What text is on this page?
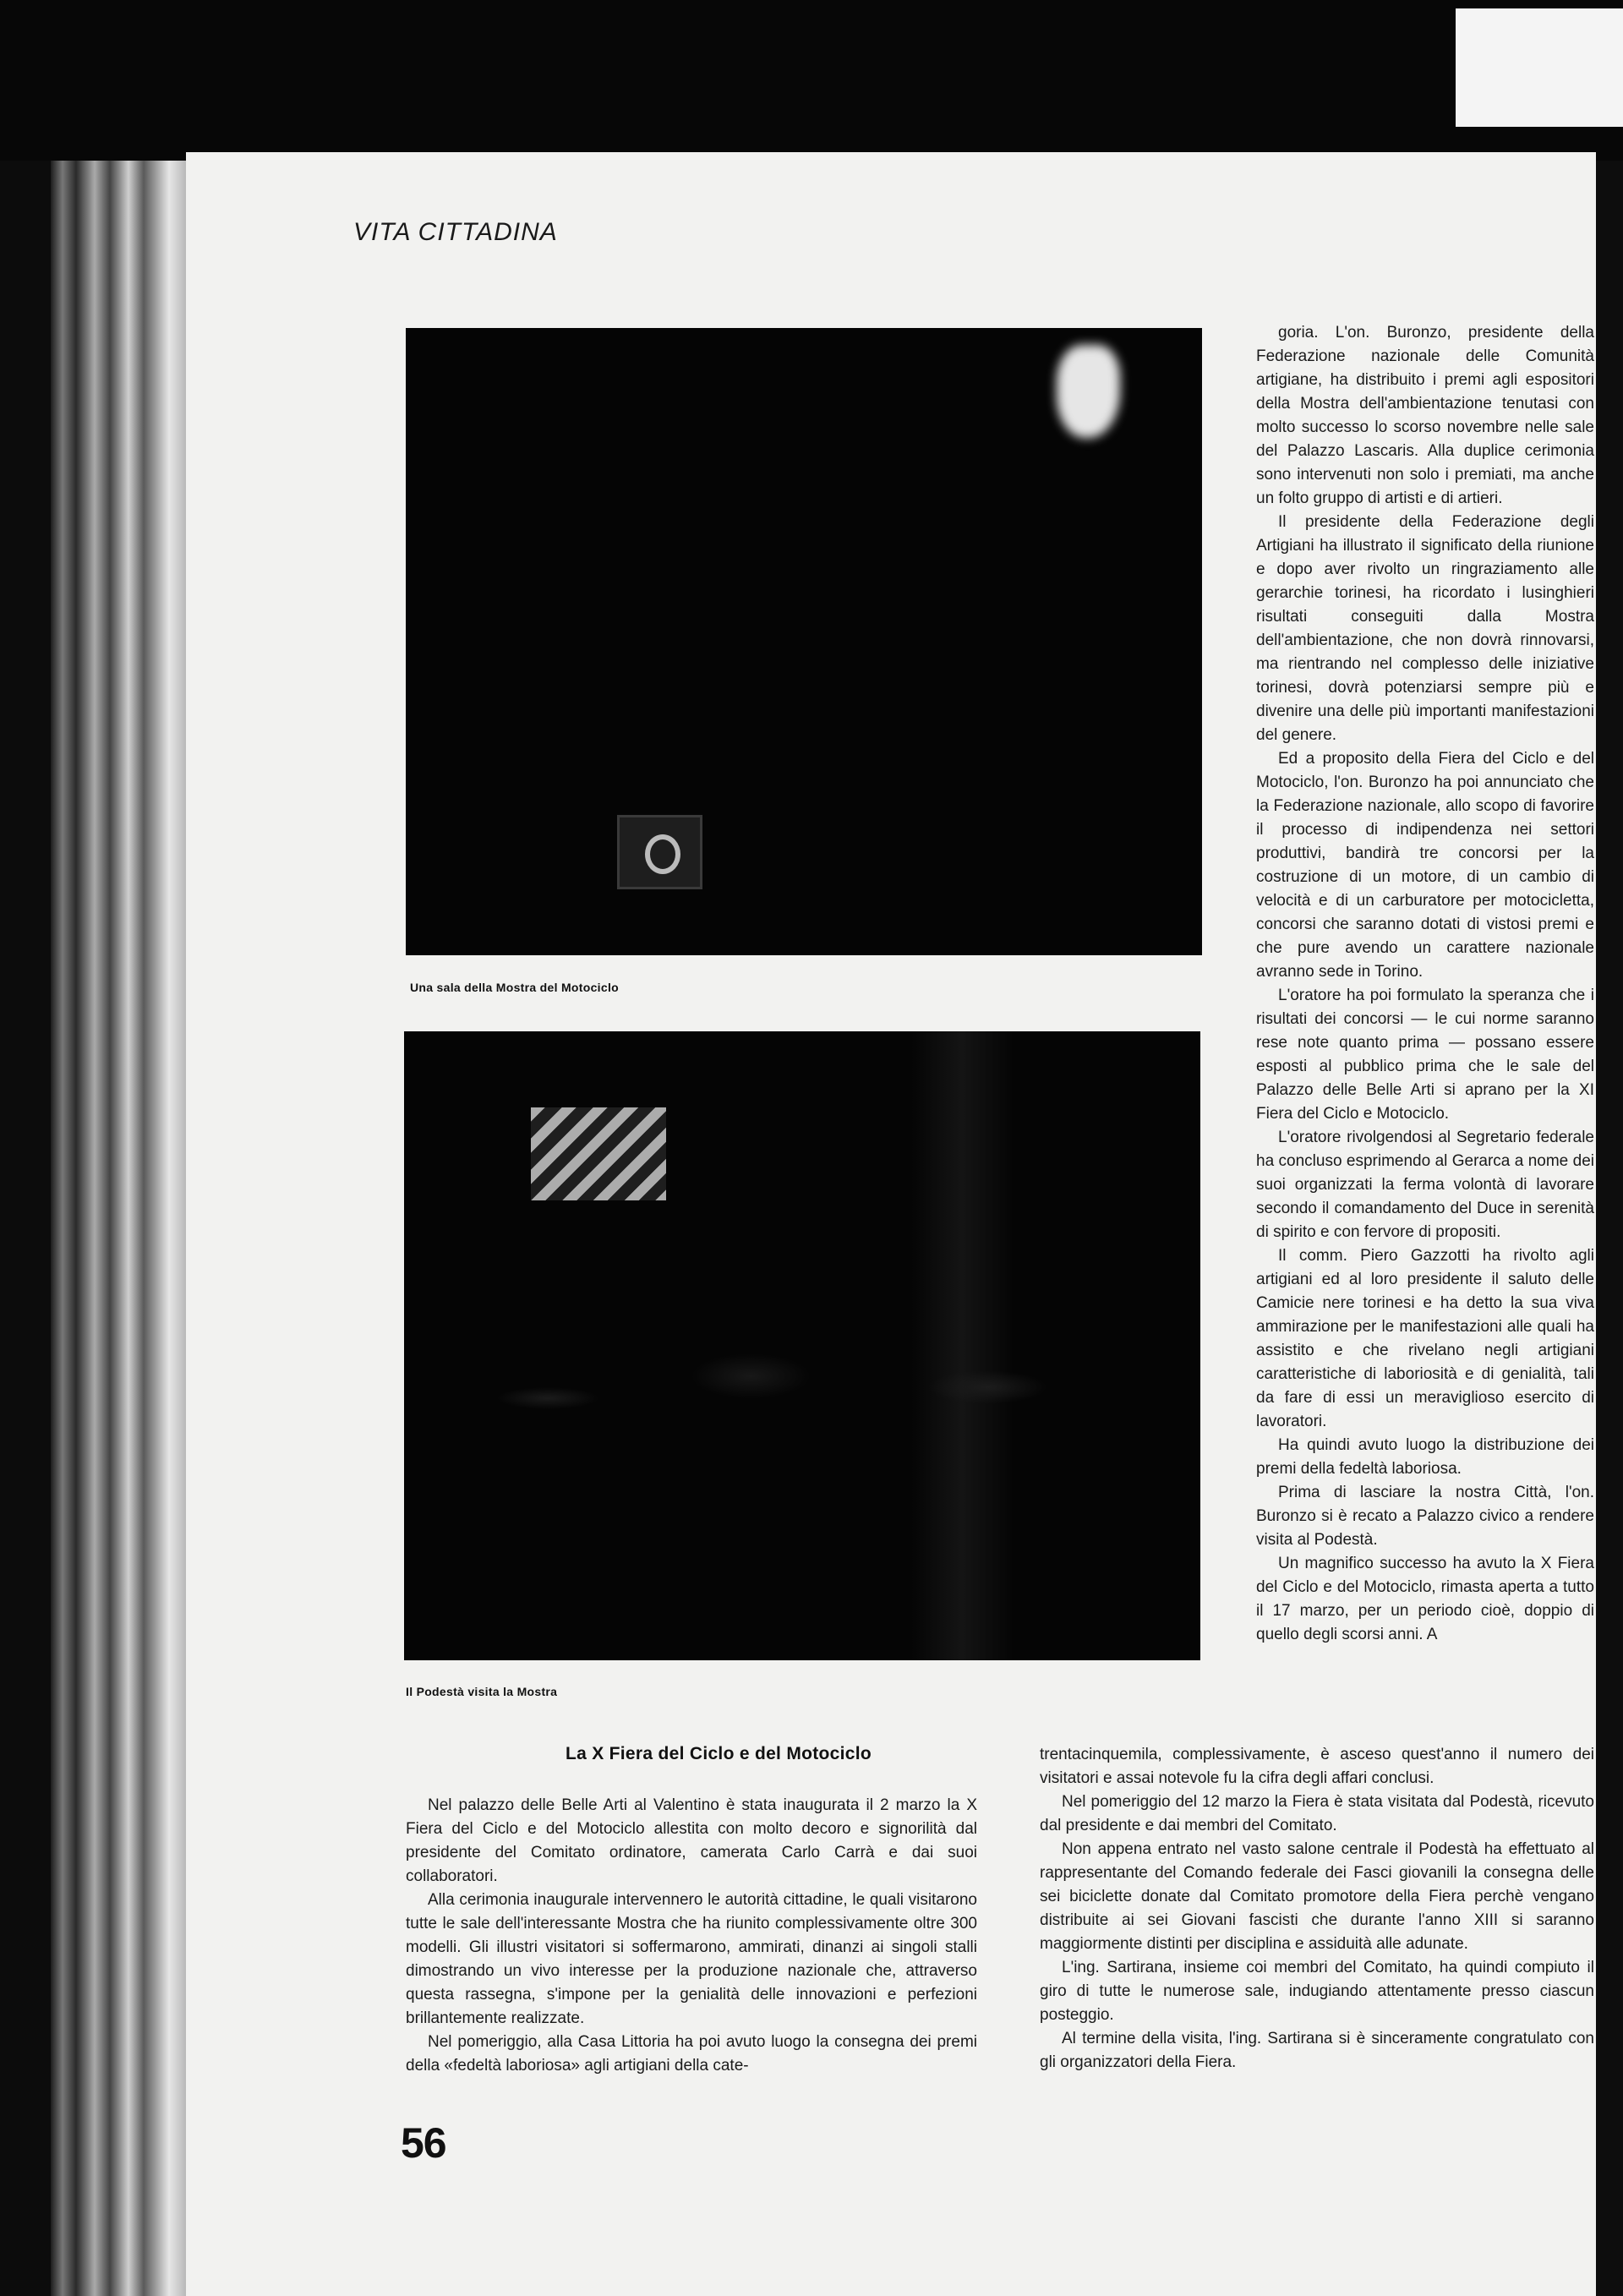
VITA CITTADINA
Una sala della Mostra del Motociclo
Il Podestà visita la Mostra
La X Fiera del Ciclo e del Motociclo

goria. L'on. Buronzo, presidente della Federazione nazionale delle Comunità artigiane, ha distribuito i premi agli espositori della Mostra dell'ambientazione tenutasi con molto successo lo scorso novembre nelle sale del Palazzo Lascaris. Alla duplice cerimonia sono intervenuti non solo i premiati, ma anche un folto gruppo di artisti e di artieri.

Il presidente della Federazione degli Artigiani ha illustrato il significato della riunione e dopo aver rivolto un ringraziamento alle gerarchie torinesi, ha ricordato i lusinghieri risultati conseguiti dalla Mostra dell'ambientazione, che non dovrà rinnovarsi, ma rientrando nel complesso delle iniziative torinesi, dovrà potenziarsi sempre più e divenire una delle più importanti manifestazioni del genere.

Ed a proposito della Fiera del Ciclo e del Motociclo, l'on. Buronzo ha poi annunciato che la Federazione nazionale, allo scopo di favorire il processo di indipendenza nei settori produttivi, bandirà tre concorsi per la costruzione di un motore, di un cambio di velocità e di un carburatore per motocicletta, concorsi che saranno dotati di vistosi premi e che pure avendo un carattere nazionale avranno sede in Torino.

L'oratore ha poi formulato la speranza che i risultati dei concorsi — le cui norme saranno rese note quanto prima — possano essere esposti al pubblico prima che le sale del Palazzo delle Belle Arti si aprano per la XI Fiera del Ciclo e Motociclo.

L'oratore rivolgendosi al Segretario federale ha concluso esprimendo al Gerarca a nome dei suoi organizzati la ferma volontà di lavorare secondo il comandamento del Duce in serenità di spirito e con fervore di propositi.

Il comm. Piero Gazzotti ha rivolto agli artigiani ed al loro presidente il saluto delle Camicie nere torinesi e ha detto la sua viva ammirazione per le manifestazioni alle quali ha assistito e che rivelano negli artigiani caratteristiche di laboriosità e di genialità, tali da fare di essi un meraviglioso esercito di lavoratori.

Ha quindi avuto luogo la distribuzione dei premi della fedeltà laboriosa.

Prima di lasciare la nostra Città, l'on. Buronzo si è recato a Palazzo civico a rendere visita al Podestà.

Un magnifico successo ha avuto la X Fiera del Ciclo e del Motociclo, rimasta aperta a tutto il 17 marzo, per un periodo cioè, doppio di quello degli scorsi anni. A

trentacinquemila, complessivamente, è asceso quest'anno il numero dei visitatori e assai notevole fu la cifra degli affari conclusi.

Nel pomeriggio del 12 marzo la Fiera è stata visitata dal Podestà, ricevuto dal presidente e dai membri del Comitato.

Non appena entrato nel vasto salone centrale il Podestà ha effettuato al rappresentante del Comando federale dei Fasci giovanili la consegna delle sei biciclette donate dal Comitato promotore della Fiera perchè vengano distribuite ai sei Giovani fascisti che durante l'anno XIII si saranno maggiormente distinti per disciplina e assiduità alle adunate.

L'ing. Sartirana, insieme coi membri del Comitato, ha quindi compiuto il giro di tutte le numerose sale, indugiando attentamente presso ciascun posteggio.

Al termine della visita, l'ing. Sartirana si è sinceramente congratulato con gli organizzatori della Fiera.

Nel palazzo delle Belle Arti al Valentino è stata inaugurata il 2 marzo la X Fiera del Ciclo e del Motociclo allestita con molto decoro e signorilità dal presidente del Comitato ordinatore, camerata Carlo Carrà e dai suoi collaboratori.

Alla cerimonia inaugurale intervennero le autorità cittadine, le quali visitarono tutte le sale dell'interessante Mostra che ha riunito complessivamente oltre 300 modelli. Gli illustri visitatori si soffermarono, ammirati, dinanzi ai singoli stalli dimostrando un vivo interesse per la produzione nazionale che, attraverso questa rassegna, s'impone per la genialità delle innovazioni e perfezioni brillantemente realizzate.

Nel pomeriggio, alla Casa Littoria ha poi avuto luogo la consegna dei premi della «fedeltà laboriosa» agli artigiani della cate-

56
